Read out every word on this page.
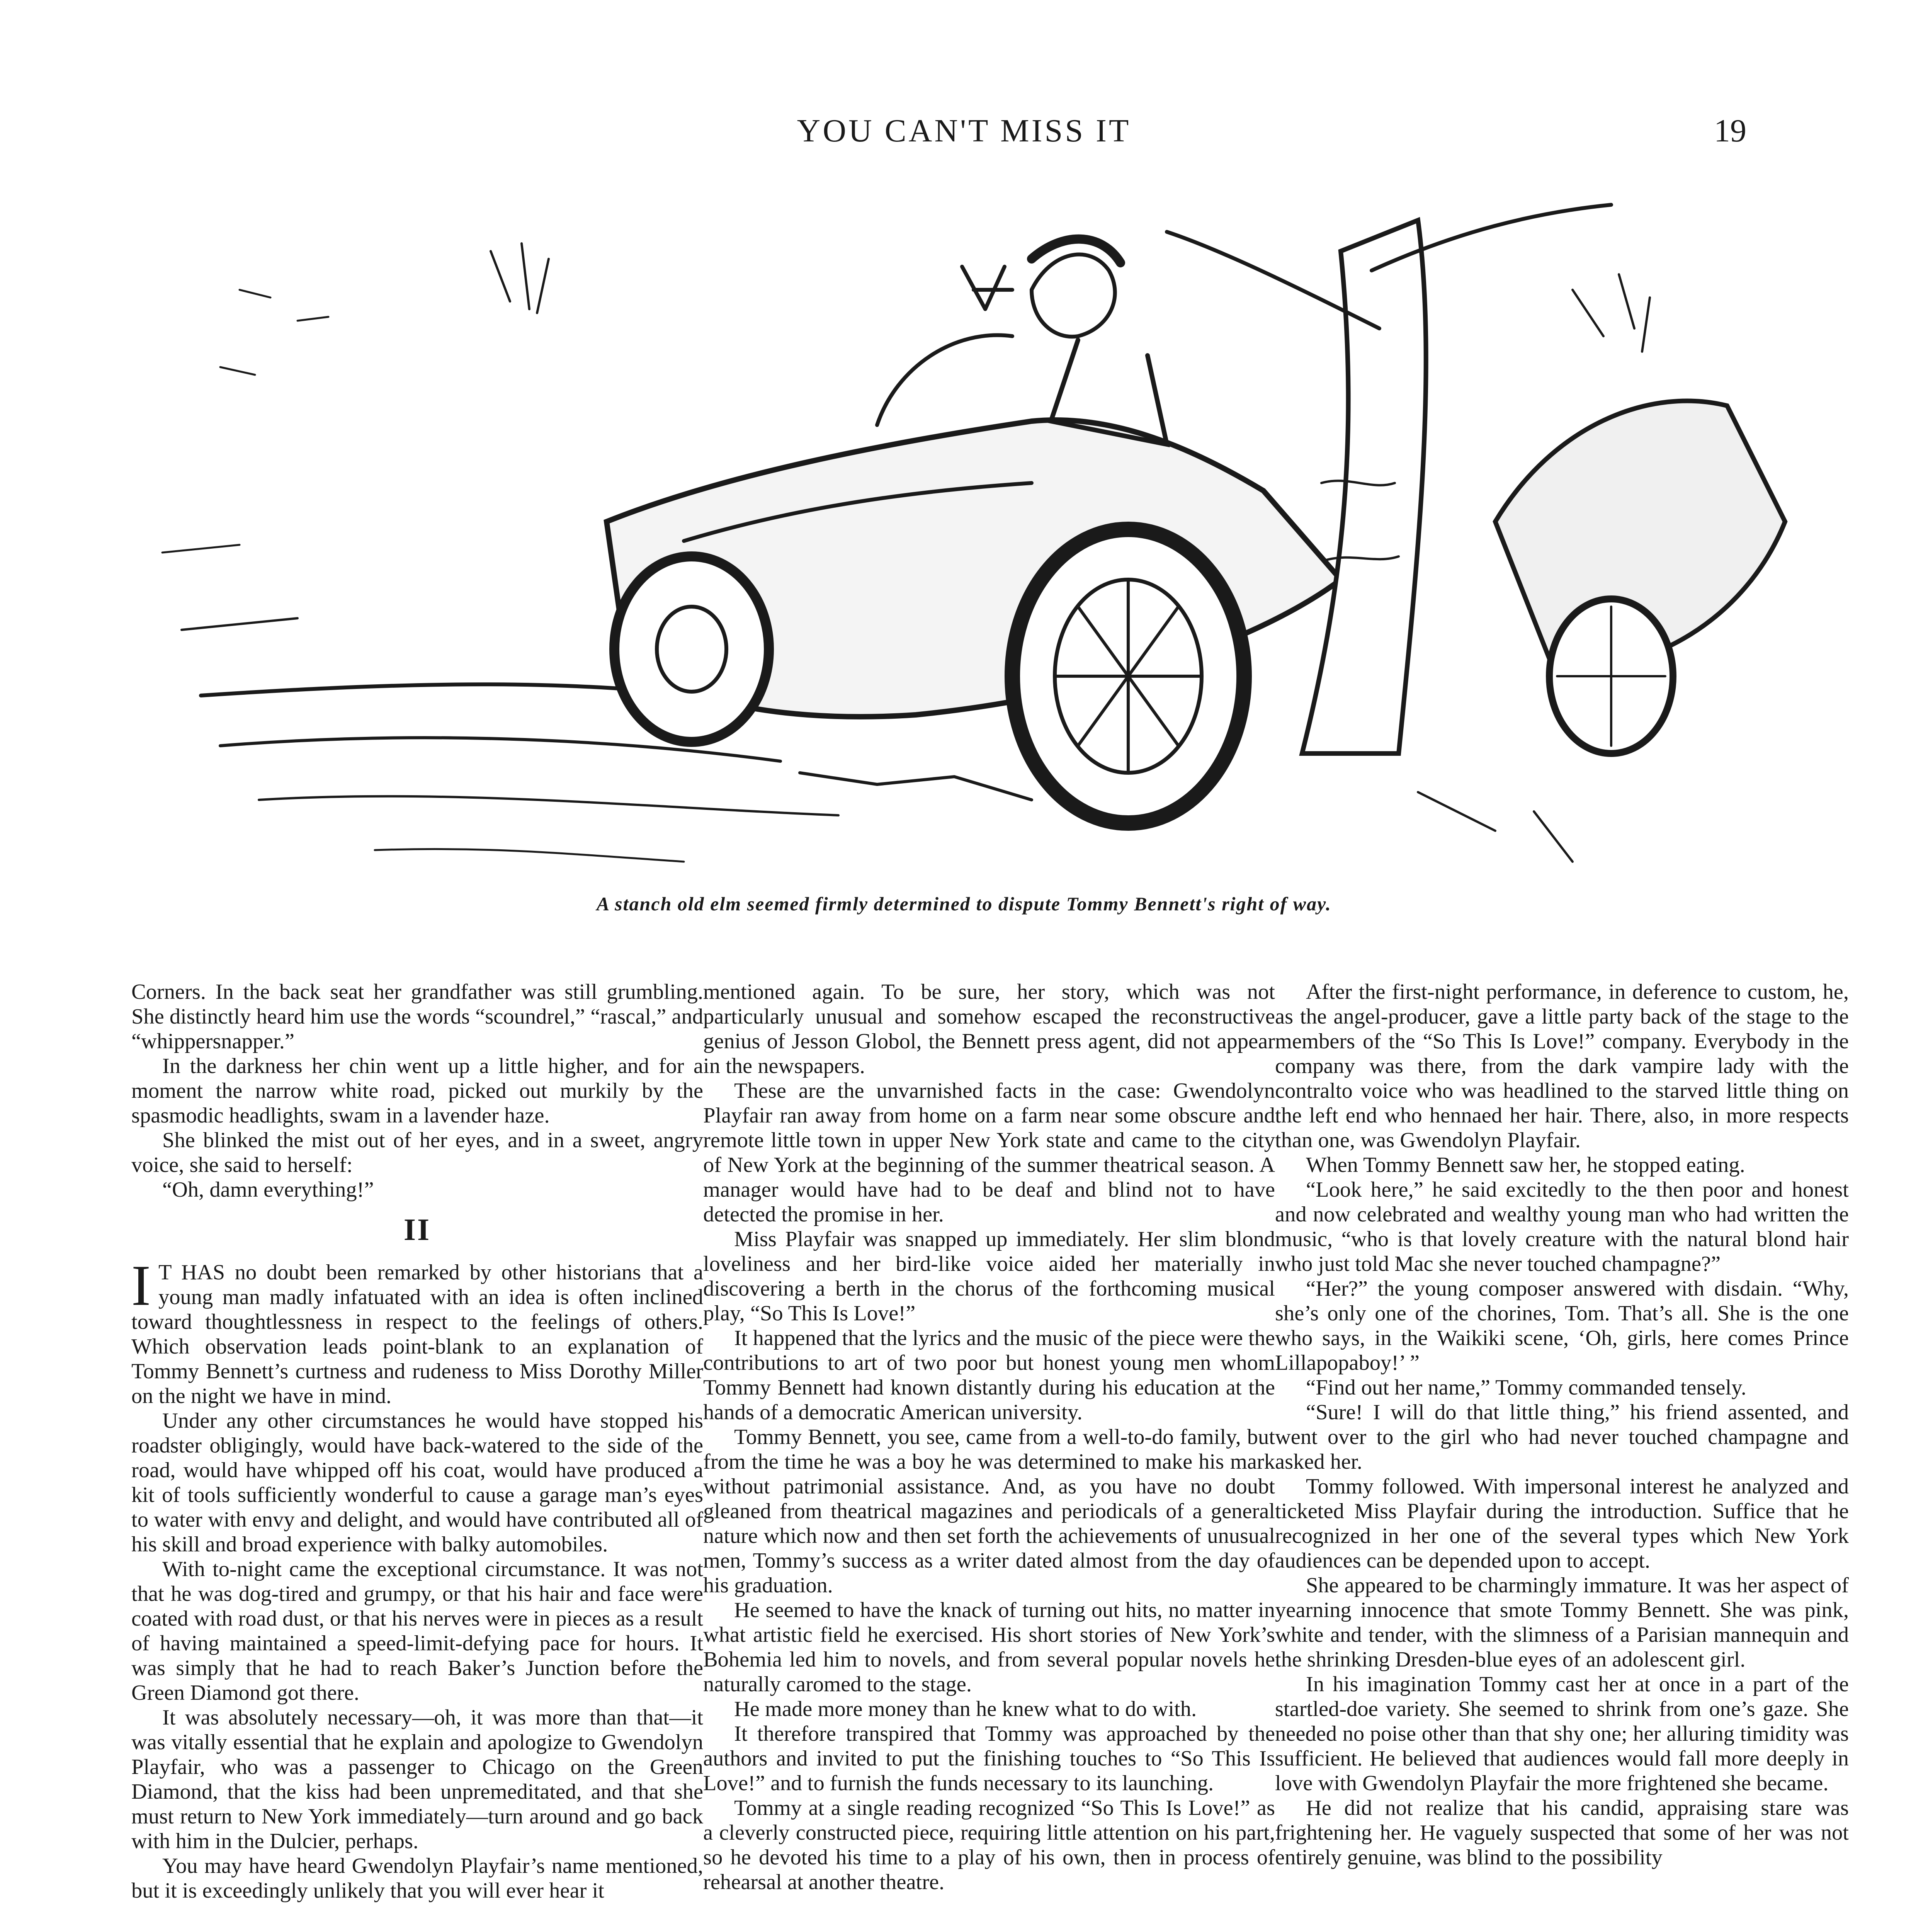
YOU CAN'T MISS IT	19
A stanch old elm seemed firmly determined to dispute Tommy Bennett's right of way.

Corners. In the back seat her grandfather was still grumbling. She distinctly heard him use the words “scoundrel,” “rascal,” and “whippersnapper.”

In the darkness her chin went up a little higher, and for a moment the narrow white road, picked out murkily by the spasmodic headlights, swam in a lavender haze.

She blinked the mist out of her eyes, and in a sweet, angry voice, she said to herself:

“Oh, damn everything!”

II

I T HAS no doubt been remarked by other historians that a young man madly infatuated with an idea is often inclined toward thoughtlessness in respect to the feelings of others. Which observation leads point-blank to an explanation of Tommy Bennett’s curtness and rudeness to Miss Dorothy Miller on the night we have in mind.

Under any other circumstances he would have stopped his roadster obligingly, would have back-watered to the side of the road, would have whipped off his coat, would have produced a kit of tools sufficiently wonderful to cause a garage man’s eyes to water with envy and delight, and would have contributed all of his skill and broad experience with balky automobiles.

With to-night came the exceptional circumstance. It was not that he was dog-tired and grumpy, or that his hair and face were coated with road dust, or that his nerves were in pieces as a result of having maintained a speed-limit-defying pace for hours. It was simply that he had to reach Baker’s Junction before the Green Diamond got there.

It was absolutely necessary—oh, it was more than that—it was vitally essential that he explain and apologize to Gwendolyn Playfair, who was a passenger to Chicago on the Green Diamond, that the kiss had been unpremeditated, and that she must return to New York immediately—turn around and go back with him in the Dulcier, perhaps.

You may have heard Gwendolyn Playfair’s name mentioned, but it is exceedingly unlikely that you will ever hear it

mentioned again. To be sure, her story, which was not particularly unusual and somehow escaped the reconstructive genius of Jesson Globol, the Bennett press agent, did not appear in the newspapers.

These are the unvarnished facts in the case: Gwendolyn Playfair ran away from home on a farm near some obscure and remote little town in upper New York state and came to the city of New York at the beginning of the summer theatrical season. A manager would have had to be deaf and blind not to have detected the promise in her.

Miss Playfair was snapped up immediately. Her slim blond loveliness and her bird-like voice aided her materially in discovering a berth in the chorus of the forthcoming musical play, “So This Is Love!”

It happened that the lyrics and the music of the piece were the contributions to art of two poor but honest young men whom Tommy Bennett had known distantly during his education at the hands of a democratic American university.

Tommy Bennett, you see, came from a well-to-do family, but from the time he was a boy he was determined to make his mark without patrimonial assistance. And, as you have no doubt gleaned from theatrical magazines and periodicals of a general nature which now and then set forth the achievements of unusual men, Tommy’s success as a writer dated almost from the day of his graduation.

He seemed to have the knack of turning out hits, no matter in what artistic field he exercised. His short stories of New York’s Bohemia led him to novels, and from several popular novels he naturally caromed to the stage.

He made more money than he knew what to do with.

It therefore transpired that Tommy was approached by the authors and invited to put the finishing touches to “So This Is Love!” and to furnish the funds necessary to its launching.

Tommy at a single reading recognized “So This Is Love!” as a cleverly constructed piece, requiring little attention on his part, so he devoted his time to a play of his own, then in process of rehearsal at another theatre.

After the first-night performance, in deference to custom, he, as the angel-producer, gave a little party back of the stage to the members of the “So This Is Love!” company. Everybody in the company was there, from the dark vampire lady with the contralto voice who was headlined to the starved little thing on the left end who hennaed her hair. There, also, in more respects than one, was Gwendolyn Playfair.

When Tommy Bennett saw her, he stopped eating.

“Look here,” he said excitedly to the then poor and honest and now celebrated and wealthy young man who had written the music, “who is that lovely creature with the natural blond hair who just told Mac she never touched champagne?”

“Her?” the young composer answered with disdain. “Why, she’s only one of the chorines, Tom. That’s all. She is the one who says, in the Waikiki scene, ‘Oh, girls, here comes Prince Lillapopaboy!’ ”

“Find out her name,” Tommy commanded tensely.

“Sure! I will do that little thing,” his friend assented, and went over to the girl who had never touched champagne and asked her.

Tommy followed. With impersonal interest he analyzed and ticketed Miss Playfair during the introduction. Suffice that he recognized in her one of the several types which New York audiences can be depended upon to accept.

She appeared to be charmingly immature. It was her aspect of yearning innocence that smote Tommy Bennett. She was pink, white and tender, with the slimness of a Parisian mannequin and the shrinking Dresden-blue eyes of an adolescent girl.

In his imagination Tommy cast her at once in a part of the startled-doe variety. She seemed to shrink from one’s gaze. She needed no poise other than that shy one; her alluring timidity was sufficient. He believed that audiences would fall more deeply in love with Gwendolyn Playfair the more frightened she became.

He did not realize that his candid, appraising stare was frightening her. He vaguely suspected that some of her was not entirely genuine, was blind to the possibility
